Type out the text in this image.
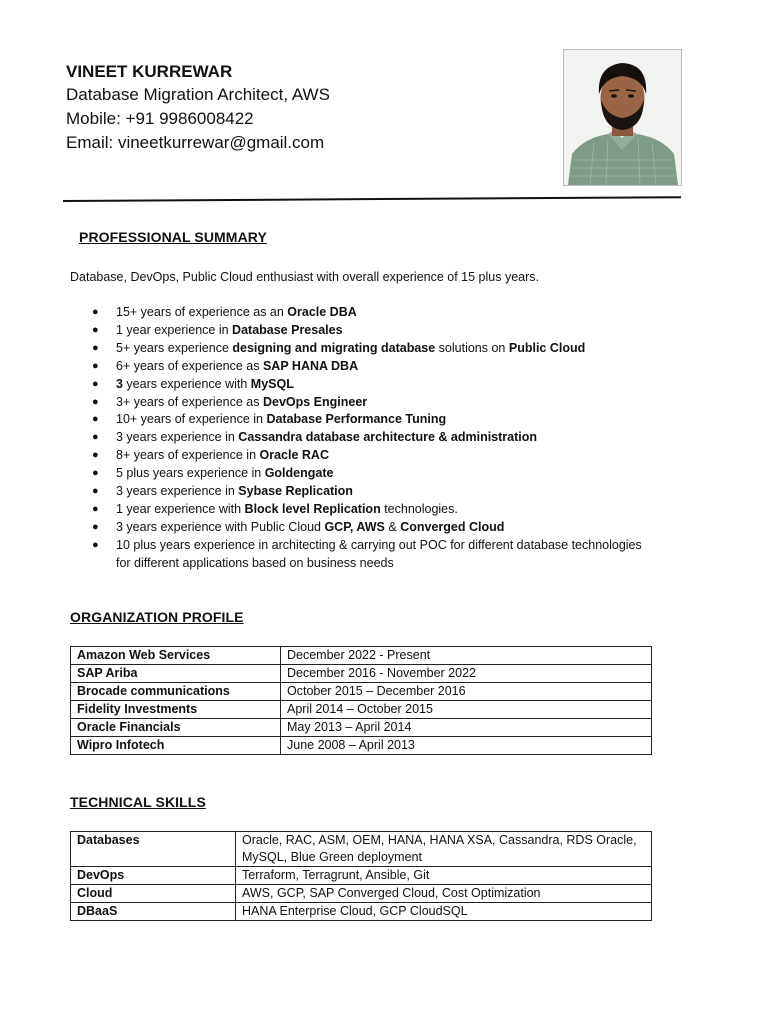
VINEET KURREWAR
Database Migration Architect, AWS
Mobile: +91 9986008422
Email: vineetkurrewar@gmail.com
PROFESSIONAL SUMMARY
Database, DevOps, Public Cloud enthusiast with overall experience of 15 plus years.
● 15+ years of experience as an Oracle DBA
● 1 year experience in Database Presales
● 5+ years experience designing and migrating database solutions on Public Cloud
● 6+ years of experience as SAP HANA DBA
● 3 years experience with MySQL
● 3+ years of experience as DevOps Engineer
● 10+ years of experience in Database Performance Tuning
● 3 years experience in Cassandra database architecture & administration
● 8+ years of experience in Oracle RAC
● 5 plus years experience in Goldengate
● 3 years experience in Sybase Replication
● 1 year experience with Block level Replication technologies.
● 3 years experience with Public Cloud GCP, AWS & Converged Cloud
● 10 plus years experience in architecting & carrying out POC for different database technologies for different applications based on business needs
ORGANIZATION PROFILE
Amazon Web Services	December 2022 - Present
SAP Ariba	December 2016 - November 2022
Brocade communications	October 2015 – December 2016
Fidelity Investments	April 2014 – October 2015
Oracle Financials	May 2013 – April 2014
Wipro Infotech	June 2008 – April 2013
TECHNICAL SKILLS
Databases	Oracle, RAC, ASM, OEM, HANA, HANA XSA, Cassandra, RDS Oracle, MySQL, Blue Green deployment
DevOps	Terraform, Terragrunt, Ansible, Git
Cloud	AWS, GCP, SAP Converged Cloud, Cost Optimization
DBaaS	HANA Enterprise Cloud, GCP CloudSQL
